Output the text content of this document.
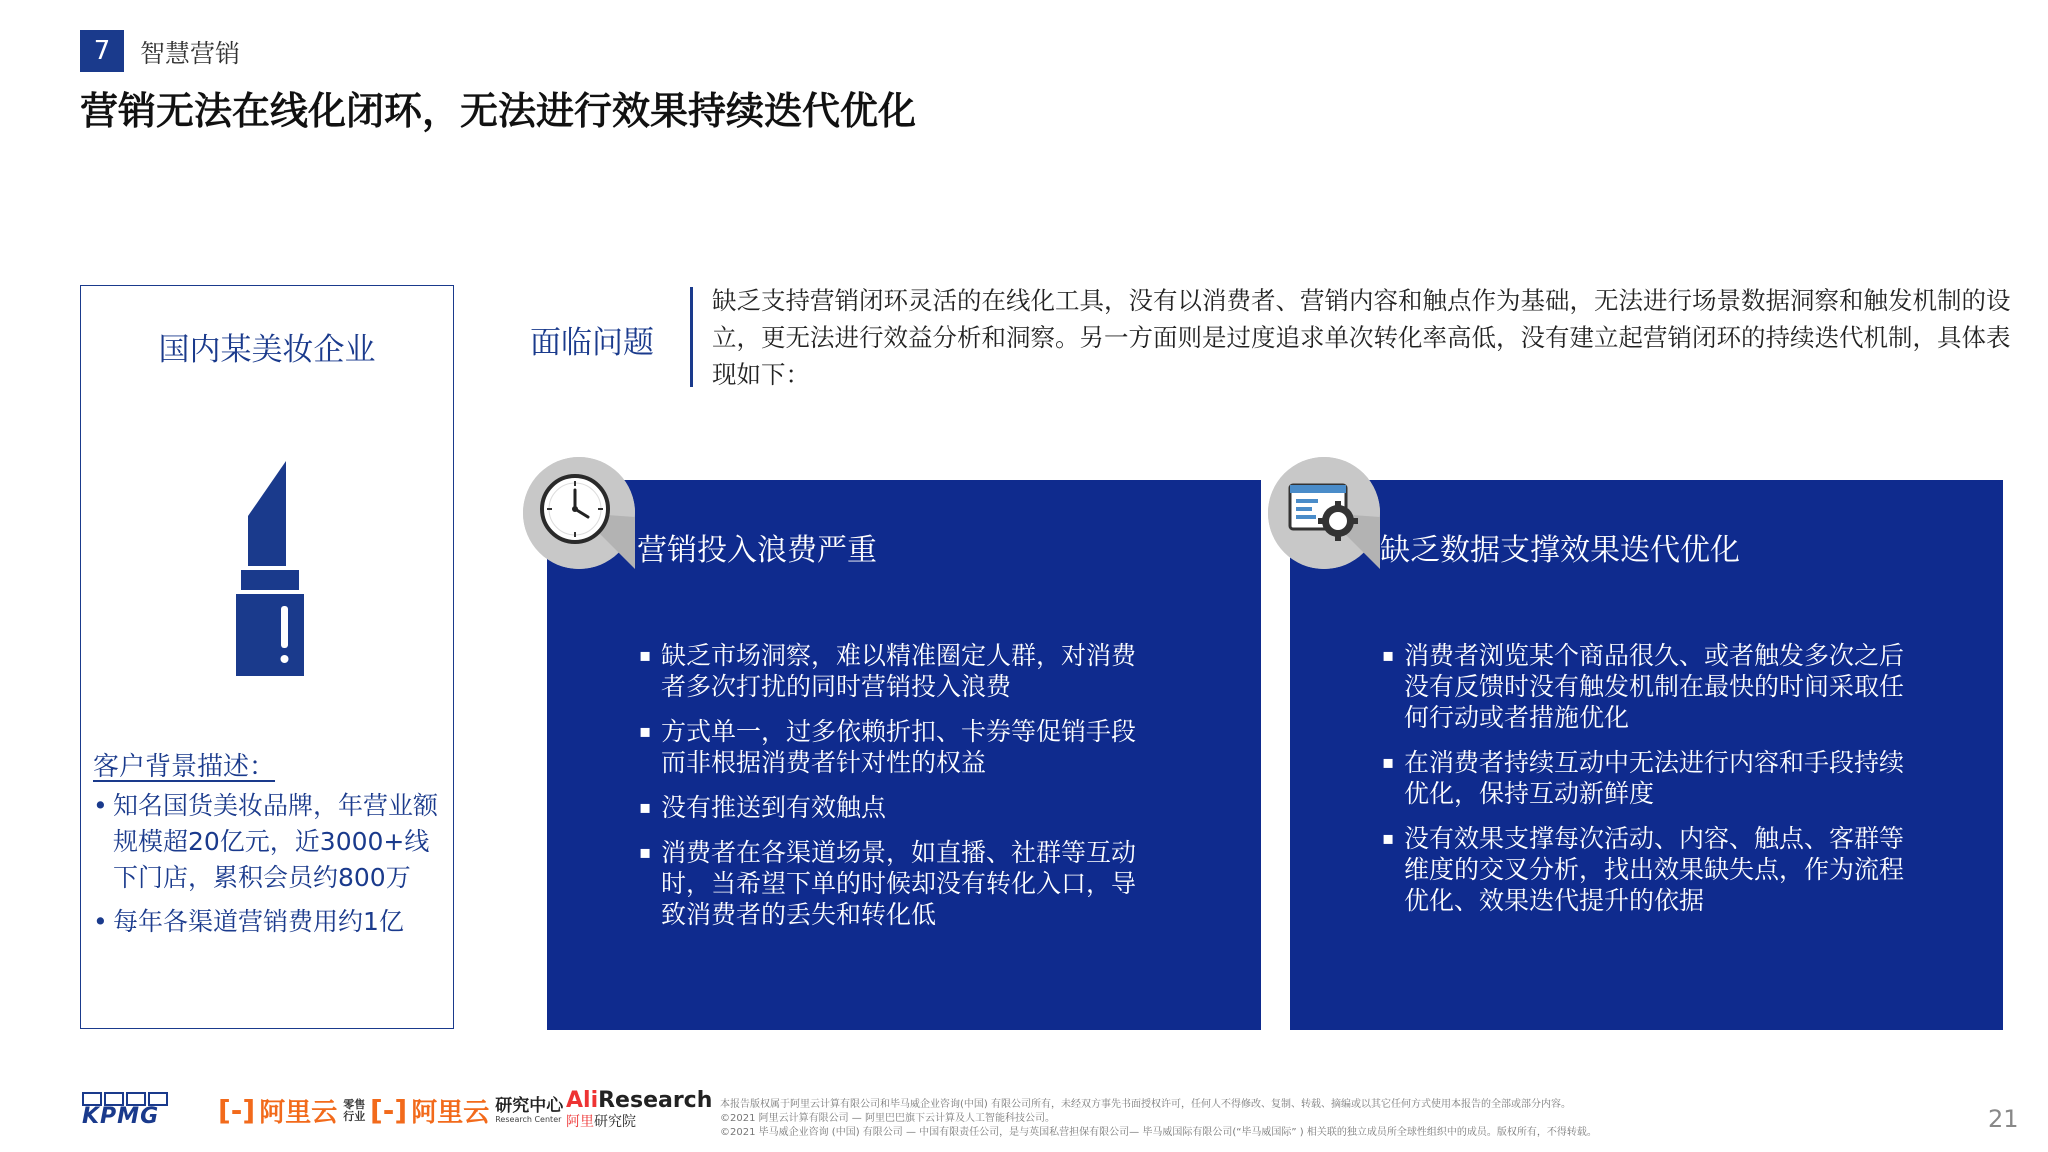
7	智慧营销
营销无法在线化闭环，无法进行效果持续迭代优化
国内某美妆企业
客户背景描述：
• 知名国货美妆品牌，年营业额规模超20亿元，近3000+线下门店，累积会员约800万
• 每年各渠道营销费用约1亿
面临问题
缺乏支持营销闭环灵活的在线化工具，没有以消费者、营销内容和触点作为基础，无法进行场景数据洞察和触发机制的设立，更无法进行效益分析和洞察。另一方面则是过度追求单次转化率高低，没有建立起营销闭环的持续迭代机制，具体表现如下：
营销投入浪费严重
▪ 缺乏市场洞察，难以精准圈定人群，对消费者多次打扰的同时营销投入浪费
▪ 方式单一，过多依赖折扣、卡券等促销手段而非根据消费者针对性的权益
▪ 没有推送到有效触点
▪ 消费者在各渠道场景，如直播、社群等互动时，当希望下单的时候却没有转化入口，导致消费者的丢失和转化低
缺乏数据支撑效果迭代优化
▪ 消费者浏览某个商品很久、或者触发多次之后没有反馈时没有触发机制在最快的时间采取任何行动或者措施优化
▪ 在消费者持续互动中无法进行内容和手段持续优化，保持互动新鲜度
▪ 没有效果支撑每次活动、内容、触点、客群等维度的交叉分析，找出效果缺失点，作为流程优化、效果迭代提升的依据
KPMG	[-] 阿里云 零售行业 [-] 阿里云 研究中心
Research Center
AliResearch
阿里研究院
本报告版权属于阿里云计算有限公司和毕马威企业咨询(中国) 有限公司所有，未经双方事先书面授权许可，任何人不得修改、复制、转载、摘编或以其它任何方式使用本报告的全部或部分内容。
©2021 阿里云计算有限公司 — 阿里巴巴旗下云计算及人工智能科技公司。
©2021 毕马威企业咨询 (中国) 有限公司 — 中国有限责任公司，是与英国私营担保有限公司— 毕马威国际有限公司(“毕马威国际” ) 相关联的独立成员所全球性组织中的成员。版权所有，不得转载。	21
